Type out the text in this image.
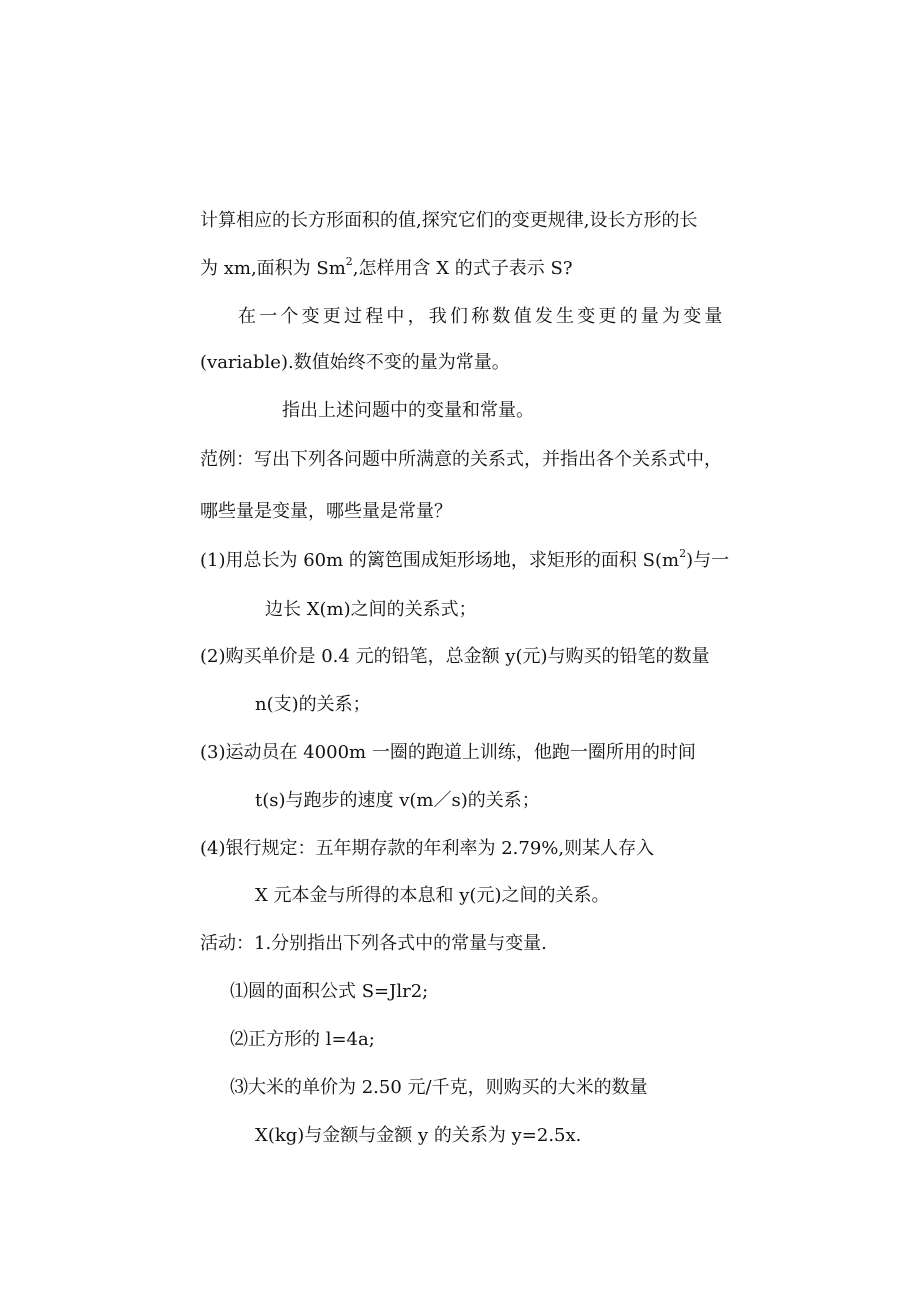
计算相应的长方形面积的值,探究它们的变更规律,设长方形的长
为 xm,面积为 Sm$^2$,怎样用含 X 的式子表示 S?
在一个变更过程中，我们称数值发生变更的量为变量
(variable).数值始终不变的量为常量。
指出上述问题中的变量和常量。
范例：写出下列各问题中所满意的关系式，并指出各个关系式中，
哪些量是变量，哪些量是常量？
(1)用总长为 60m 的篱笆围成矩形场地，求矩形的面积 $S(m^2)$与一
边长 X(m)之间的关系式；
(2)购买单价是 0.4 元的铅笔，总金额 y(元)与购买的铅笔的数量
n(支)的关系；
(3)运动员在 4000m 一圈的跑道上训练，他跑一圈所用的时间
t(s)与跑步的速度 v(m／s)的关系；
(4)银行规定：五年期存款的年利率为 2.79%,则某人存入
X 元本金与所得的本息和 y(元)之间的关系。
活动：1.分别指出下列各式中的常量与变量.
⑴圆的面积公式 S=Jlr2;
⑵正方形的 l=4a;
⑶大米的单价为 2.50 元/千克，则购买的大米的数量
X(kg)与金额与金额 y 的关系为 y=2.5x.
